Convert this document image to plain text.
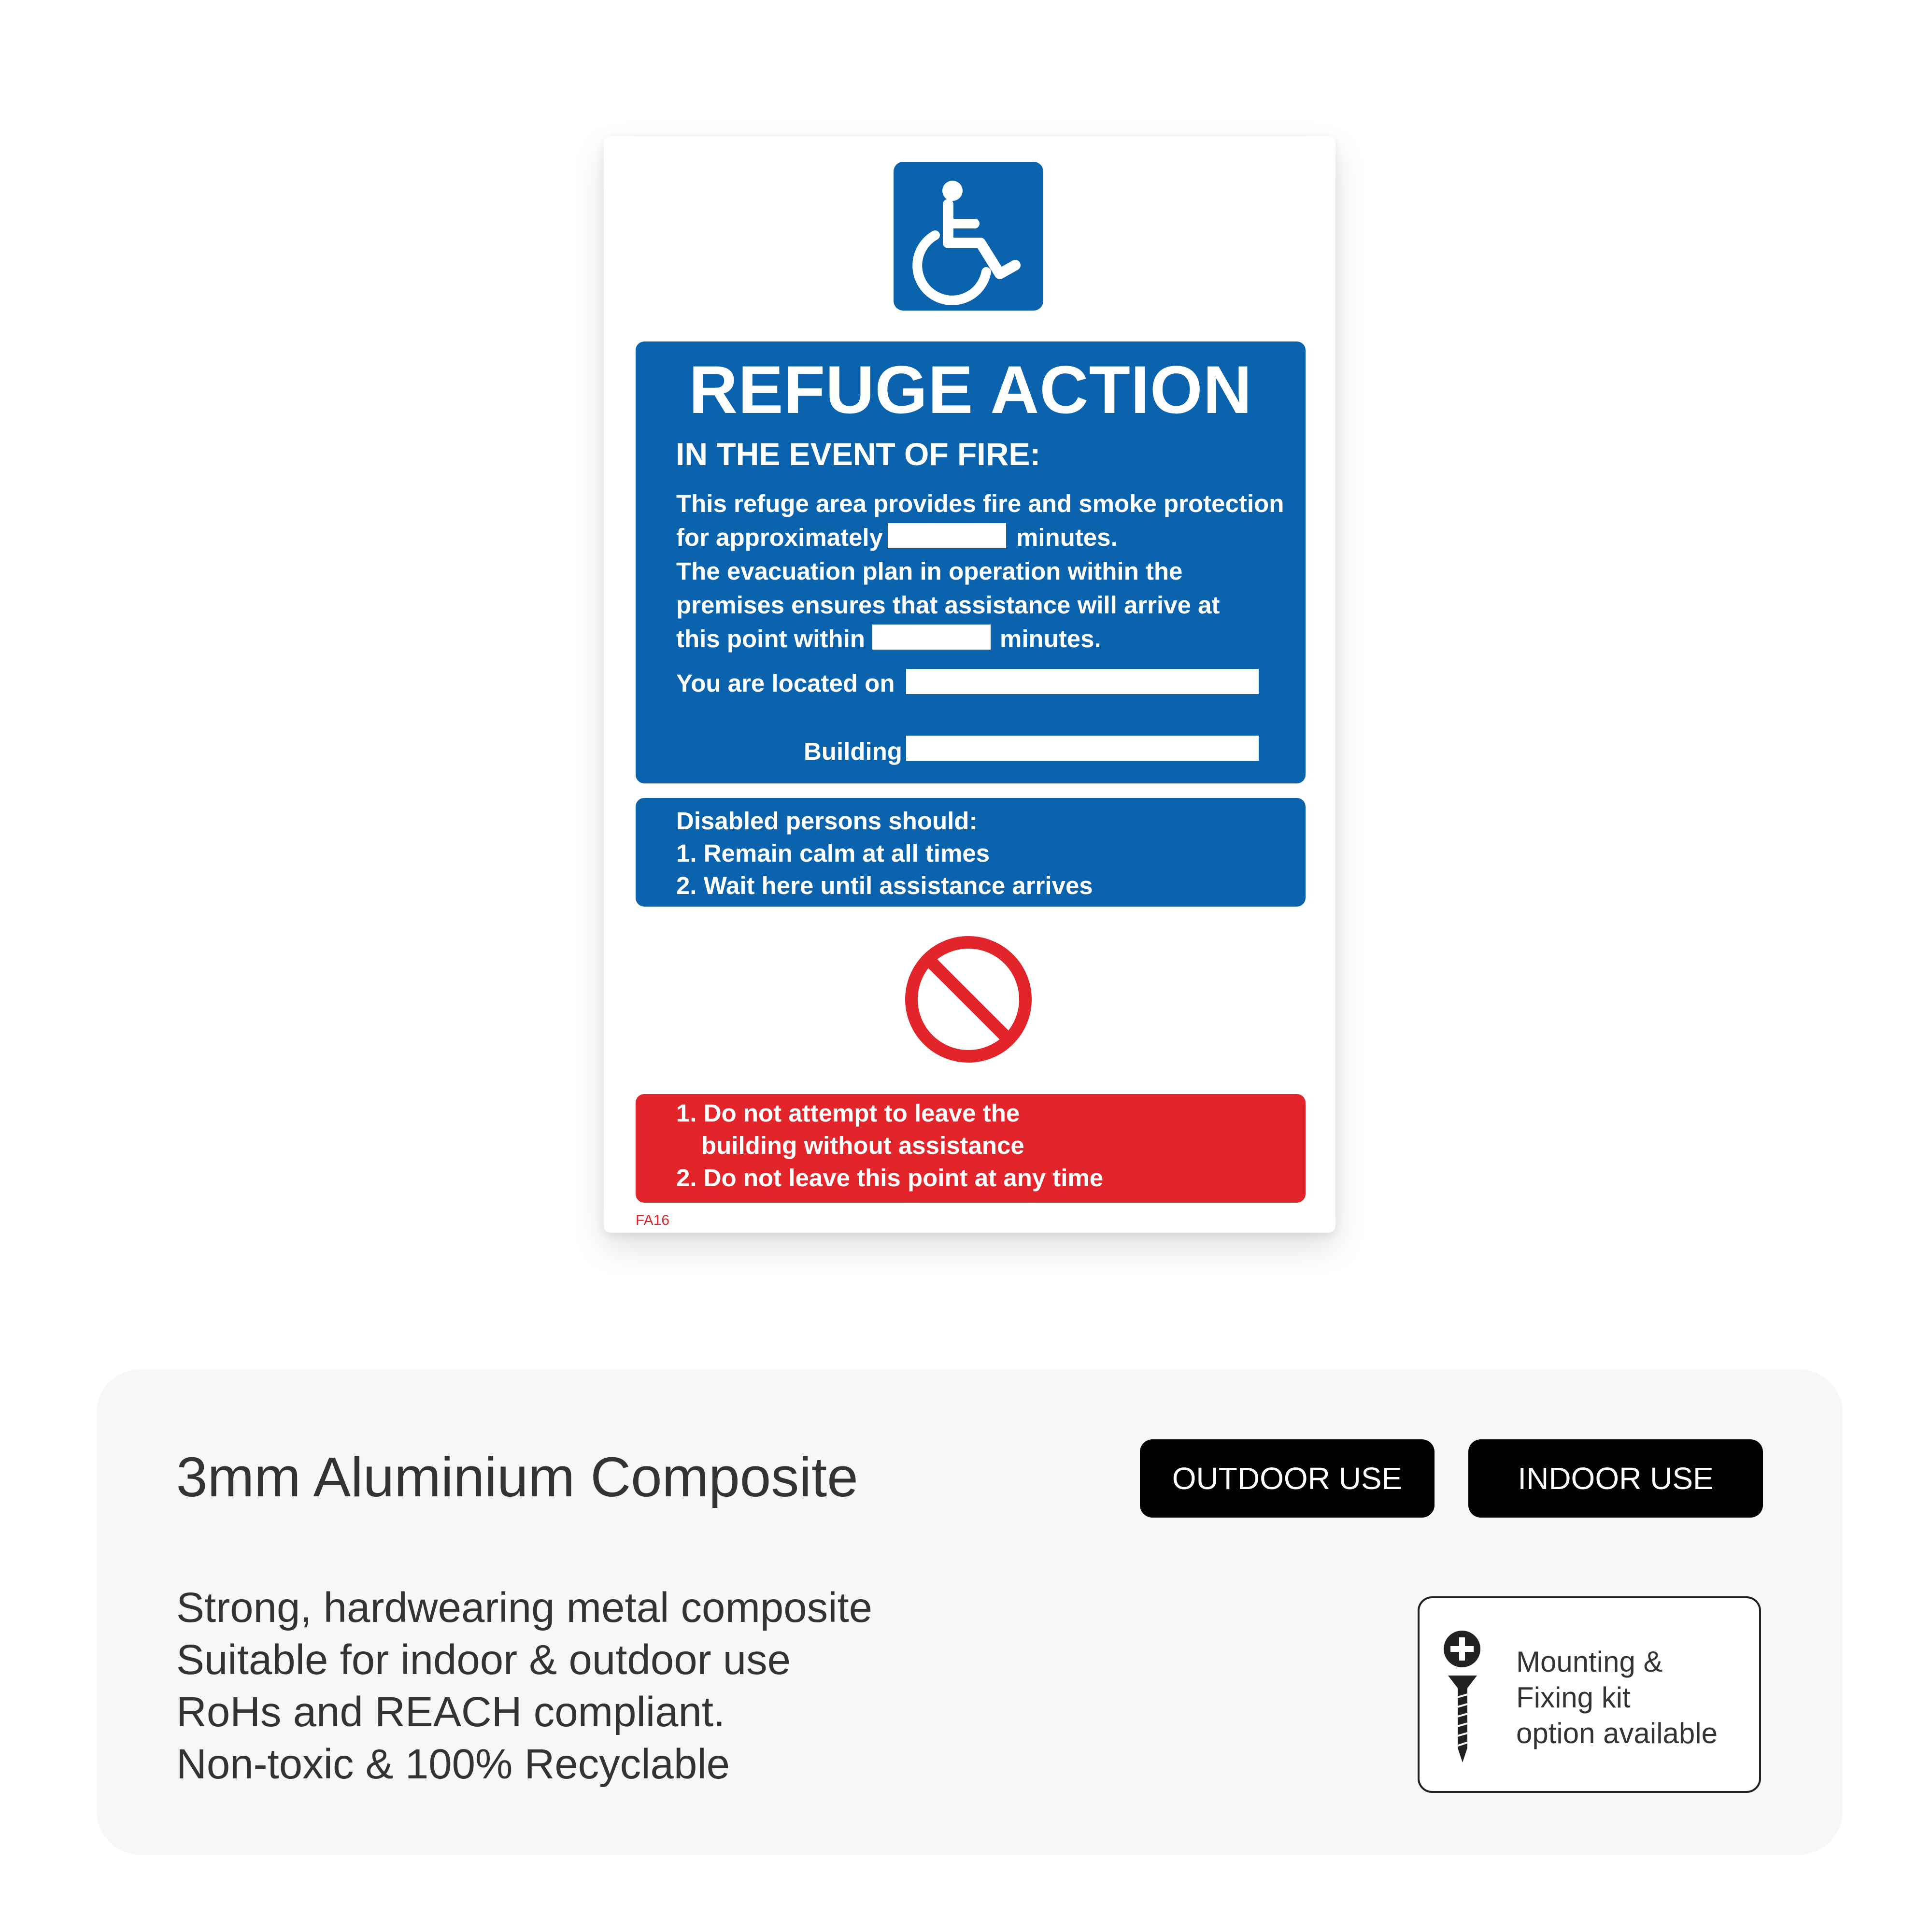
REFUGE ACTION
IN THE EVENT OF FIRE:
This refuge area provides fire and smoke protection
for approximately	minutes.
The evacuation plan in operation within the
premises ensures that assistance will arrive at
this point within	minutes.
You are located on
Building
Disabled persons should:
1. Remain calm at all times
2. Wait here until assistance arrives
1. Do not attempt to leave the
building without assistance
2. Do not leave this point at any time
FA16
3mm Aluminium Composite	OUTDOOR USE	INDOOR USE
Strong, hardwearing metal composite
Suitable for indoor & outdoor use
RoHs and REACH compliant.
Non-toxic & 100% Recyclable
Mounting &
Fixing kit
option available
